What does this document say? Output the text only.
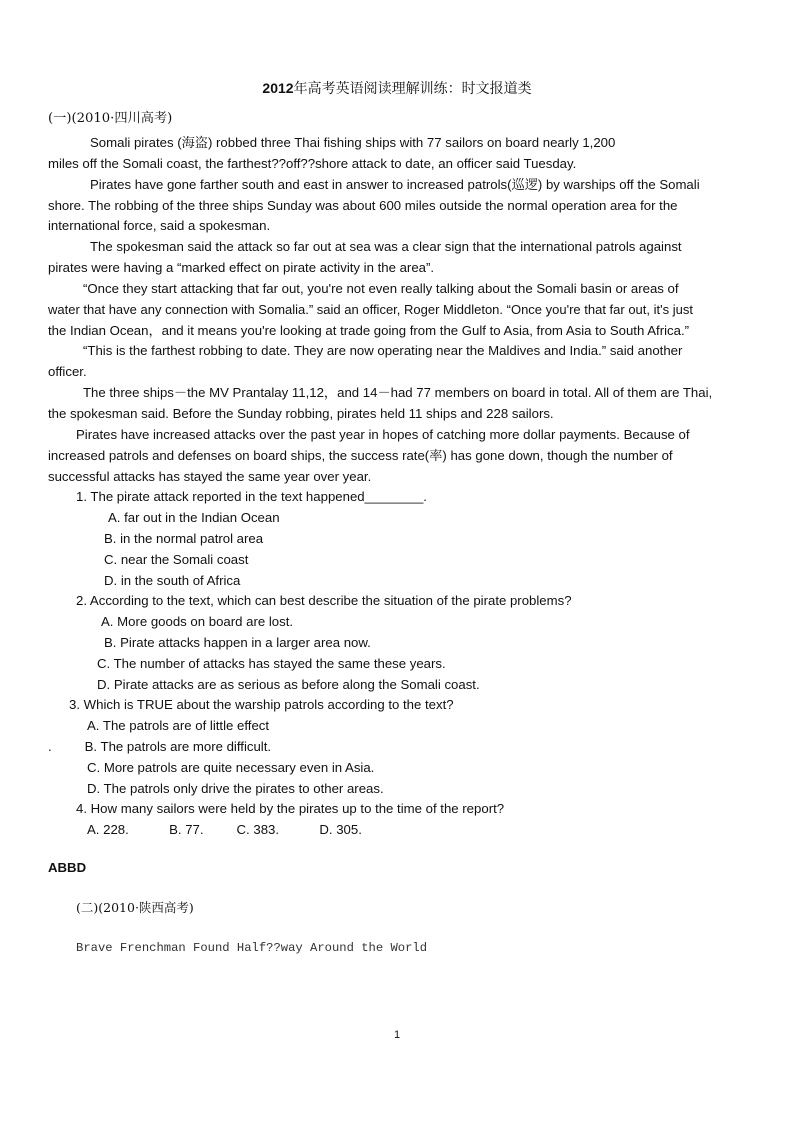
2012年高考英语阅读理解训练：时文报道类
(一)(2010·四川高考)
Somali pirates (海盗) robbed three Thai fishing ships with 77 sailors on board nearly 1,200
miles off the Somali coast, the farthest??off??shore attack to date, an officer said Tuesday.
Pirates have gone farther south and east in answer to increased patrols(巡逻) by warships off the Somali
shore. The robbing of the three ships Sunday was about 600 miles outside the normal operation area for the
international force, said a spokesman.
The spokesman said the attack so far out at sea was a clear sign that the international patrols against
pirates were having a “marked effect on pirate activity in the area”.
“Once they start attacking that far out, you're not even really talking about the Somali basin or areas of
water that have any connection with Somalia.” said an officer, Roger Middleton. “Once you're that far out, it's just
the Indian Ocean，and it means you're looking at trade going from the Gulf to Asia, from Asia to South Africa.”
“This is the farthest robbing to date. They are now operating near the Maldives and India.” said another
officer.
The three ships－the MV Prantalay 11,12，and 14－had 77 members on board in total. All of them are Thai,
the spokesman said. Before the Sunday robbing, pirates held 11 ships and 228 sailors.
Pirates have increased attacks over the past year in hopes of catching more dollar payments. Because of
increased patrols and defenses on board ships, the success rate(率) has gone down, though the number of
successful attacks has stayed the same year over year.
1. The pirate attack reported in the text happened________.
A. far out in the Indian Ocean
B. in the normal patrol area
C. near the Somali coast
D. in the south of Africa
2. According to the text, which can best describe the situation of the pirate problems?
A. More goods on board are lost.
B. Pirate attacks happen in a larger area now.
C. The number of attacks has stayed the same these years.
D. Pirate attacks are as serious as before along the Somali coast.
3. Which is TRUE about the warship patrols according to the text?
A. The patrols are of little effect
.         B. The patrols are more difficult.
C. More patrols are quite necessary even in Asia.
D. The patrols only drive the pirates to other areas.
4. How many sailors were held by the pirates up to the time of the report?
A. 228.           B. 77.         C. 383.           D. 305.
ABBD
(二)(2010·陕西高考)
Brave Frenchman Found Half??way Around the World
1
